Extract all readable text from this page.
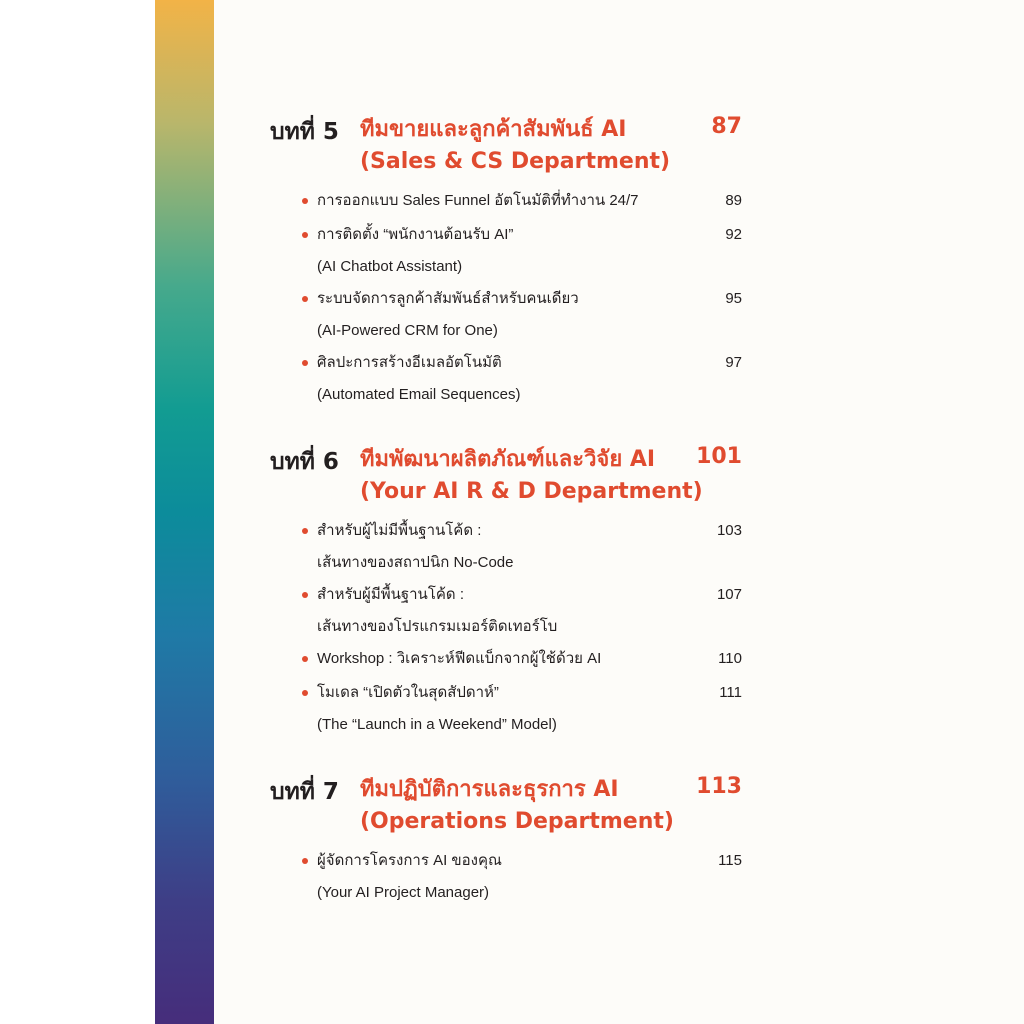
บทที่ 5 ทีมขายและลูกค้าสัมพันธ์ AI
(Sales & CS Department)
87
การออกแบบ Sales Funnel อัตโนมัติที่ทำงาน 24/7	89
การติดตั้ง “พนักงานต้อนรับ AI”
(AI Chatbot Assistant)
92
ระบบจัดการลูกค้าสัมพันธ์สำหรับคนเดียว
(AI-Powered CRM for One)
95
ศิลปะการสร้างอีเมลอัตโนมัติ
(Automated Email Sequences)
97
บทที่ 6 ทีมพัฒนาผลิตภัณฑ์และวิจัย AI
(Your AI R & D Department)
101
สำหรับผู้ไม่มีพื้นฐานโค้ด :
เส้นทางของสถาปนิก No-Code
103
สำหรับผู้มีพื้นฐานโค้ด :
เส้นทางของโปรแกรมเมอร์ติดเทอร์โบ
107
Workshop : วิเคราะห์ฟีดแบ็กจากผู้ใช้ด้วย AI	110
โมเดล “เปิดตัวในสุดสัปดาห์”
(The “Launch in a Weekend” Model)
111
บทที่ 7 ทีมปฏิบัติการและธุรการ AI
(Operations Department)
113
ผู้จัดการโครงการ AI ของคุณ
(Your AI Project Manager)
115
